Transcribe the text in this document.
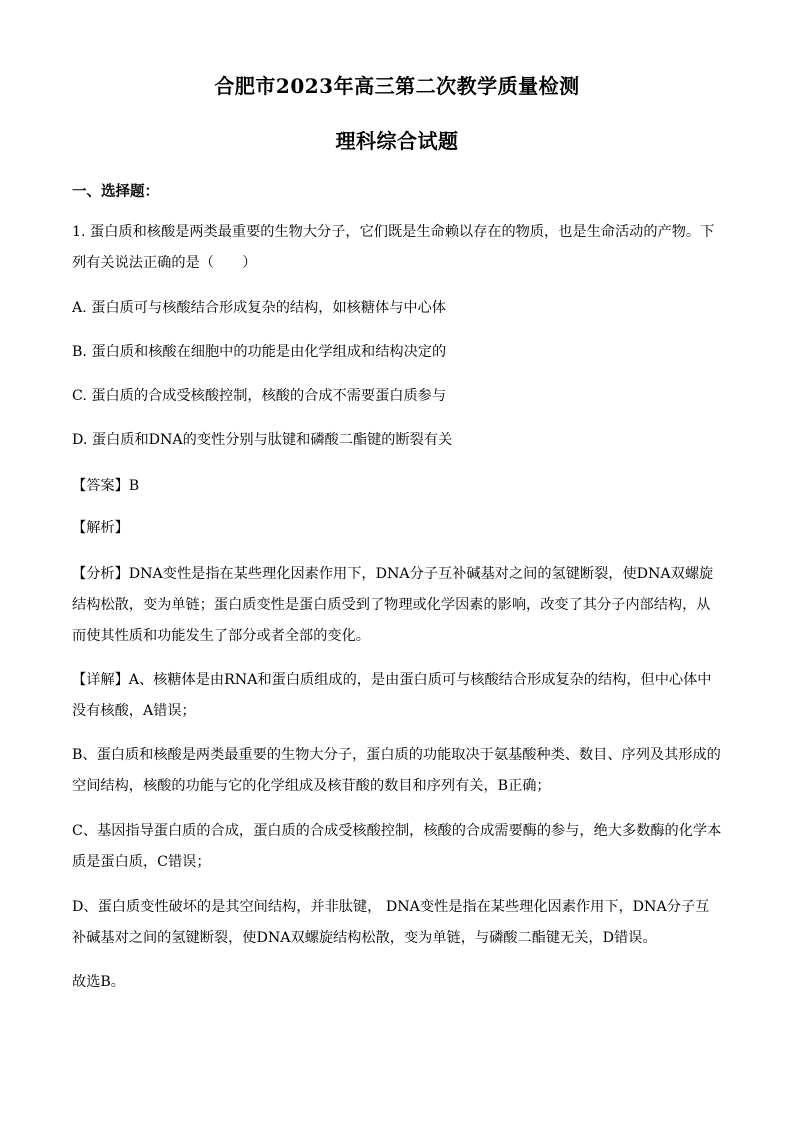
合肥市2023年高三第二次教学质量检测
理科综合试题
一、选择题：
1. 蛋白质和核酸是两类最重要的生物大分子，它们既是生命赖以存在的物质，也是生命活动的产物。下列有关说法正确的是（　　）
A. 蛋白质可与核酸结合形成复杂的结构，如核糖体与中心体
B. 蛋白质和核酸在细胞中的功能是由化学组成和结构决定的
C. 蛋白质的合成受核酸控制，核酸的合成不需要蛋白质参与
D. 蛋白质和DNA的变性分别与肽键和磷酸二酯键的断裂有关
【答案】B
【解析】
【分析】DNA变性是指在某些理化因素作用下，DNA分子互补碱基对之间的氢键断裂，使DNA双螺旋结构松散，变为单链；蛋白质变性是蛋白质受到了物理或化学因素的影响，改变了其分子内部结构，从而使其性质和功能发生了部分或者全部的变化。
【详解】A、核糖体是由RNA和蛋白质组成的，是由蛋白质可与核酸结合形成复杂的结构，但中心体中没有核酸，A错误；
B、蛋白质和核酸是两类最重要的生物大分子，蛋白质的功能取决于氨基酸种类、数目、序列及其形成的空间结构，核酸的功能与它的化学组成及核苷酸的数目和序列有关，B正确；
C、基因指导蛋白质的合成，蛋白质的合成受核酸控制，核酸的合成需要酶的参与，绝大多数酶的化学本质是蛋白质，C错误；
D、蛋白质变性破坏的是其空间结构，并非肽键， DNA变性是指在某些理化因素作用下，DNA分子互补碱基对之间的氢键断裂，使DNA双螺旋结构松散，变为单链，与磷酸二酯键无关，D错误。
故选B。
